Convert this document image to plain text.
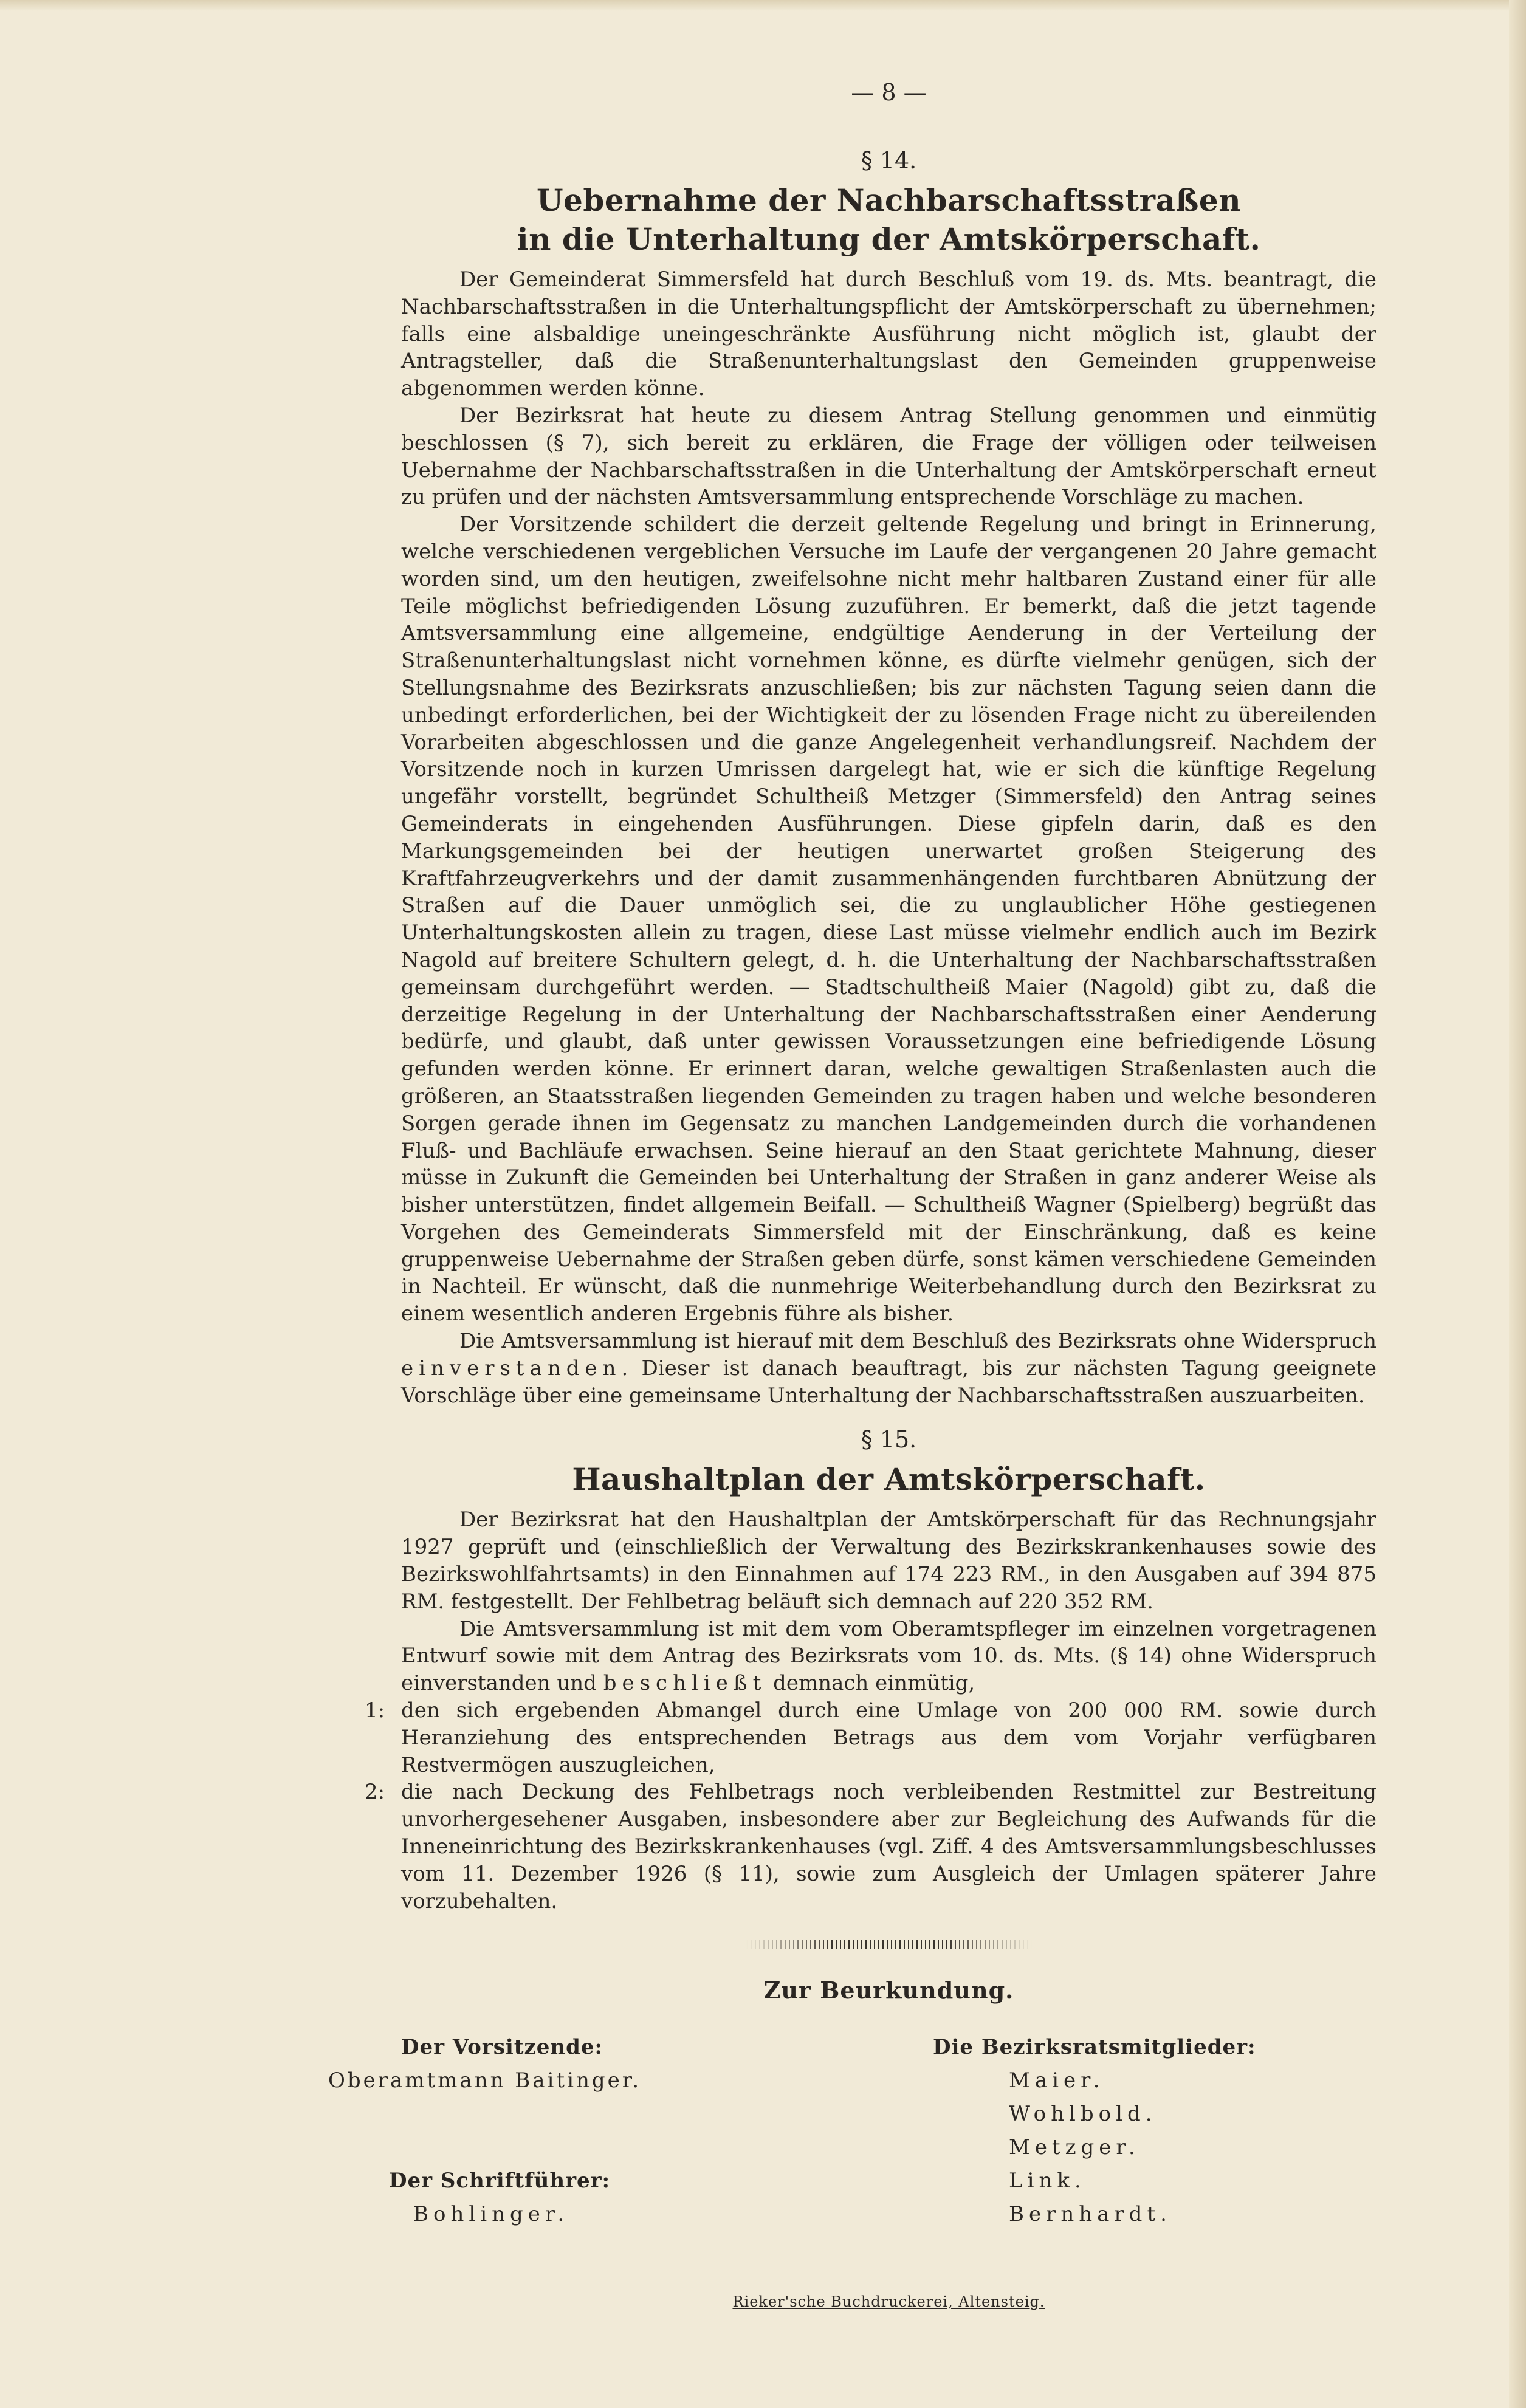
— 8 —
§ 14.

Uebernahme der Nachbarschaftsstraßen

in die Unterhaltung der Amtskörperschaft.

Der Gemeinderat Simmersfeld hat durch Beschluß vom 19. ds. Mts. beantragt, die Nachbarschaftsstraßen in die Unterhaltungspflicht der Amtskörperschaft zu übernehmen; falls eine alsbaldige uneingeschränkte Ausführung nicht möglich ist, glaubt der Antragsteller, daß die Straßenunterhaltungslast den Gemeinden gruppenweise abgenommen werden könne.

Der Bezirksrat hat heute zu diesem Antrag Stellung genommen und einmütig beschlossen (§ 7), sich bereit zu erklären, die Frage der völligen oder teilweisen Uebernahme der Nachbarschaftsstraßen in die Unterhaltung der Amtskörperschaft erneut zu prüfen und der nächsten Amtsversammlung entsprechende Vorschläge zu machen.

Der Vorsitzende schildert die derzeit geltende Regelung und bringt in Erinnerung, welche verschiedenen vergeblichen Versuche im Laufe der vergangenen 20 Jahre gemacht worden sind, um den heutigen, zweifelsohne nicht mehr haltbaren Zustand einer für alle Teile möglichst befriedigenden Lösung zuzuführen. Er bemerkt, daß die jetzt tagende Amtsversammlung eine allgemeine, endgültige Aenderung in der Verteilung der Straßenunterhaltungslast nicht vornehmen könne, es dürfte vielmehr genügen, sich der Stellungsnahme des Bezirksrats anzuschließen; bis zur nächsten Tagung seien dann die unbedingt erforderlichen, bei der Wichtigkeit der zu lösenden Frage nicht zu übereilenden Vorarbeiten abgeschlossen und die ganze Angelegenheit verhandlungsreif. Nachdem der Vorsitzende noch in kurzen Umrissen dargelegt hat, wie er sich die künftige Regelung ungefähr vorstellt, begründet Schultheiß Metzger (Simmersfeld) den Antrag seines Gemeinderats in eingehenden Ausführungen. Diese gipfeln darin, daß es den Markungsgemeinden bei der heutigen unerwartet großen Steigerung des Kraftfahrzeugverkehrs und der damit zusammenhängenden furchtbaren Abnützung der Straßen auf die Dauer unmöglich sei, die zu unglaublicher Höhe gestiegenen Unterhaltungskosten allein zu tragen, diese Last müsse vielmehr endlich auch im Bezirk Nagold auf breitere Schultern gelegt, d. h. die Unterhaltung der Nachbarschaftsstraßen gemeinsam durchgeführt werden. — Stadtschultheiß Maier (Nagold) gibt zu, daß die derzeitige Regelung in der Unterhaltung der Nachbarschaftsstraßen einer Aenderung bedürfe, und glaubt, daß unter gewissen Voraussetzungen eine befriedigende Lösung gefunden werden könne. Er erinnert daran, welche gewaltigen Straßenlasten auch die größeren, an Staatsstraßen liegenden Gemeinden zu tragen haben und welche besonderen Sorgen gerade ihnen im Gegensatz zu manchen Landgemeinden durch die vorhandenen Fluß- und Bachläufe erwachsen. Seine hierauf an den Staat gerichtete Mahnung, dieser müsse in Zukunft die Gemeinden bei Unterhaltung der Straßen in ganz anderer Weise als bisher unterstützen, findet allgemein Beifall. — Schultheiß Wagner (Spielberg) begrüßt das Vorgehen des Gemeinderats Simmersfeld mit der Einschränkung, daß es keine gruppenweise Uebernahme der Straßen geben dürfe, sonst kämen verschiedene Gemeinden in Nachteil. Er wünscht, daß die nunmehrige Weiterbehandlung durch den Bezirksrat zu einem wesentlich anderen Ergebnis führe als bisher.

Die Amtsversammlung ist hierauf mit dem Beschluß des Bezirksrats ohne Widerspruch einverstanden. Dieser ist danach beauftragt, bis zur nächsten Tagung geeignete Vorschläge über eine gemeinsame Unterhaltung der Nachbarschaftsstraßen auszuarbeiten.

§ 15.

Haushaltplan der Amtskörperschaft.

Der Bezirksrat hat den Haushaltplan der Amtskörperschaft für das Rechnungsjahr 1927 geprüft und (einschließlich der Verwaltung des Bezirkskrankenhauses sowie des Bezirkswohlfahrtsamts) in den Einnahmen auf 174 223 RM., in den Ausgaben auf 394 875 RM. festgestellt. Der Fehlbetrag beläuft sich demnach auf 220 352 RM.

Die Amtsversammlung ist mit dem vom Oberamtspfleger im einzelnen vorgetragenen Entwurf sowie mit dem Antrag des Bezirksrats vom 10. ds. Mts. (§ 14) ohne Widerspruch einverstanden und beschließt demnach einmütig,

1: den sich ergebenden Abmangel durch eine Umlage von 200 000 RM. sowie durch Heranziehung des entsprechenden Betrags aus dem vom Vorjahr verfügbaren Restvermögen auszugleichen,

2: die nach Deckung des Fehlbetrags noch verbleibenden Restmittel zur Bestreitung unvorhergesehener Ausgaben, insbesondere aber zur Begleichung des Aufwands für die Inneneinrichtung des Bezirkskrankenhauses (vgl. Ziff. 4 des Amtsversammlungsbeschlusses vom 11. Dezember 1926 (§ 11), sowie zum Ausgleich der Umlagen späterer Jahre vorzubehalten.

Zur Beurkundung.

Der Vorsitzende:
Oberamtmann Baitinger.
Der Schriftführer:
Bohlinger.
Die Bezirksratsmitglieder:
Maier.
Wohlbold.
Metzger.
Link.
Bernhardt.
Rieker'sche Buchdruckerei, Altensteig.
